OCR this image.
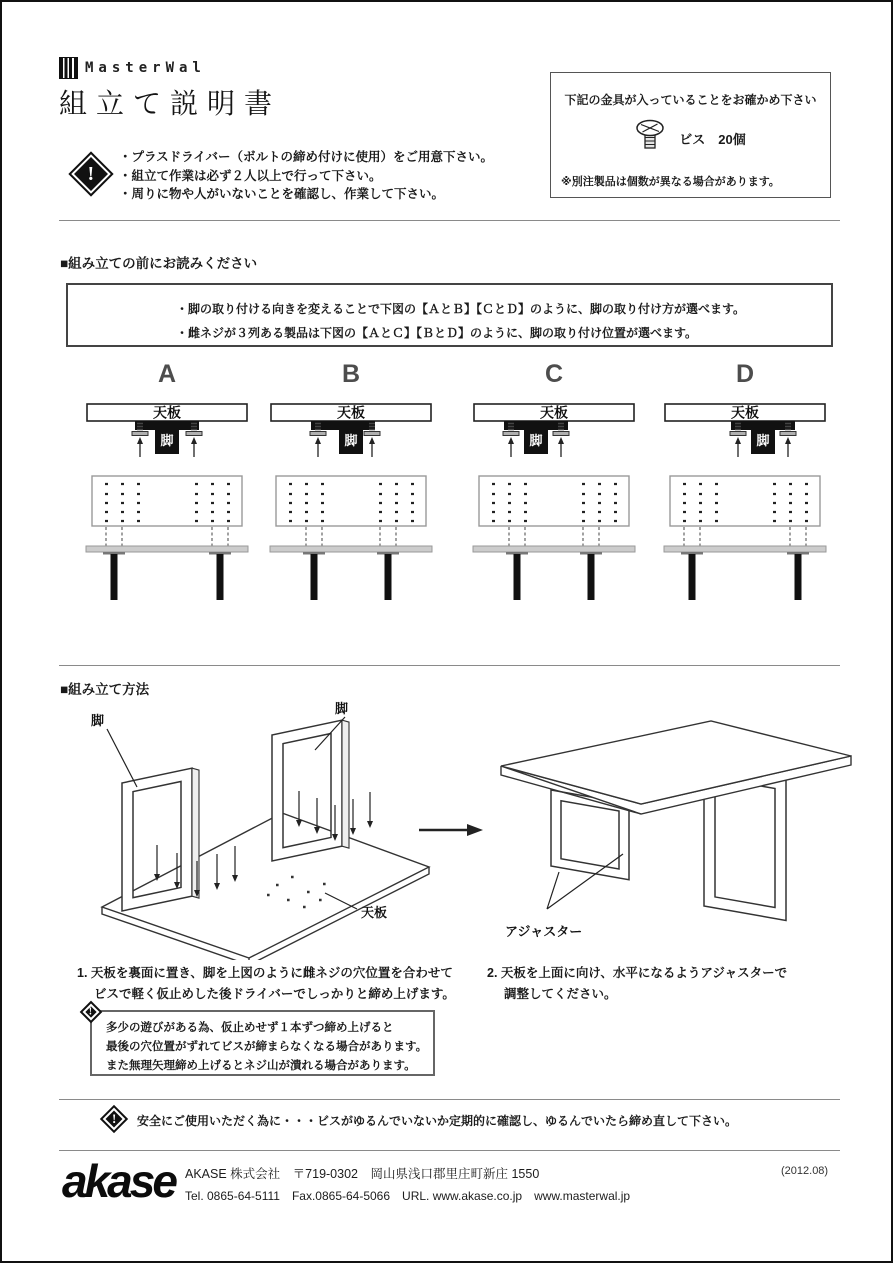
MasterWal
組立て説明書
!
・プラスドライバー（ボルトの締め付けに使用）をご用意下さい。
・組立て作業は必ず２人以上で行って下さい。
・周りに物や人がいないことを確認し、作業して下さい。
下記の金具が入っていることをお確かめ下さい
ビス　20個
※別注製品は個数が異なる場合があります。
■組み立ての前にお読みください
・脚の取り付ける向きを変えることで下図の【ＡとＢ】【ＣとＤ】のように、脚の取り付け方が選べます。
・雌ネジが３列ある製品は下図の【ＡとＣ】【ＢとＤ】のように、脚の取り付け位置が選べます。
A	B	C	D
天板
脚
天板
脚
天板
脚
天板
脚
■組み立て方法
脚
脚
天板
アジャスター
1. 天板を裏面に置き、脚を上図のように雌ネジの穴位置を合わせて
ビスで軽く仮止めした後ドライバーでしっかりと締め上げます。
2. 天板を上面に向け、水平になるようアジャスターで
調整してください。
!
多少の遊びがある為、仮止めせず１本ずつ締め上げると
最後の穴位置がずれてビスが締まらなくなる場合があります。
また無理矢理締め上げるとネジ山が潰れる場合があります。
! 安全にご使用いただく為に・・・ビスがゆるんでいないか定期的に確認し、ゆるんでいたら締め直して下さい。
akase AKASE 株式会社　〒719-0302　岡山県浅口郡里庄町新庄 1550
Tel. 0865-64-5111　Fax.0865-64-5066　URL. www.akase.co.jp　www.masterwal.jp
(2012.08)
